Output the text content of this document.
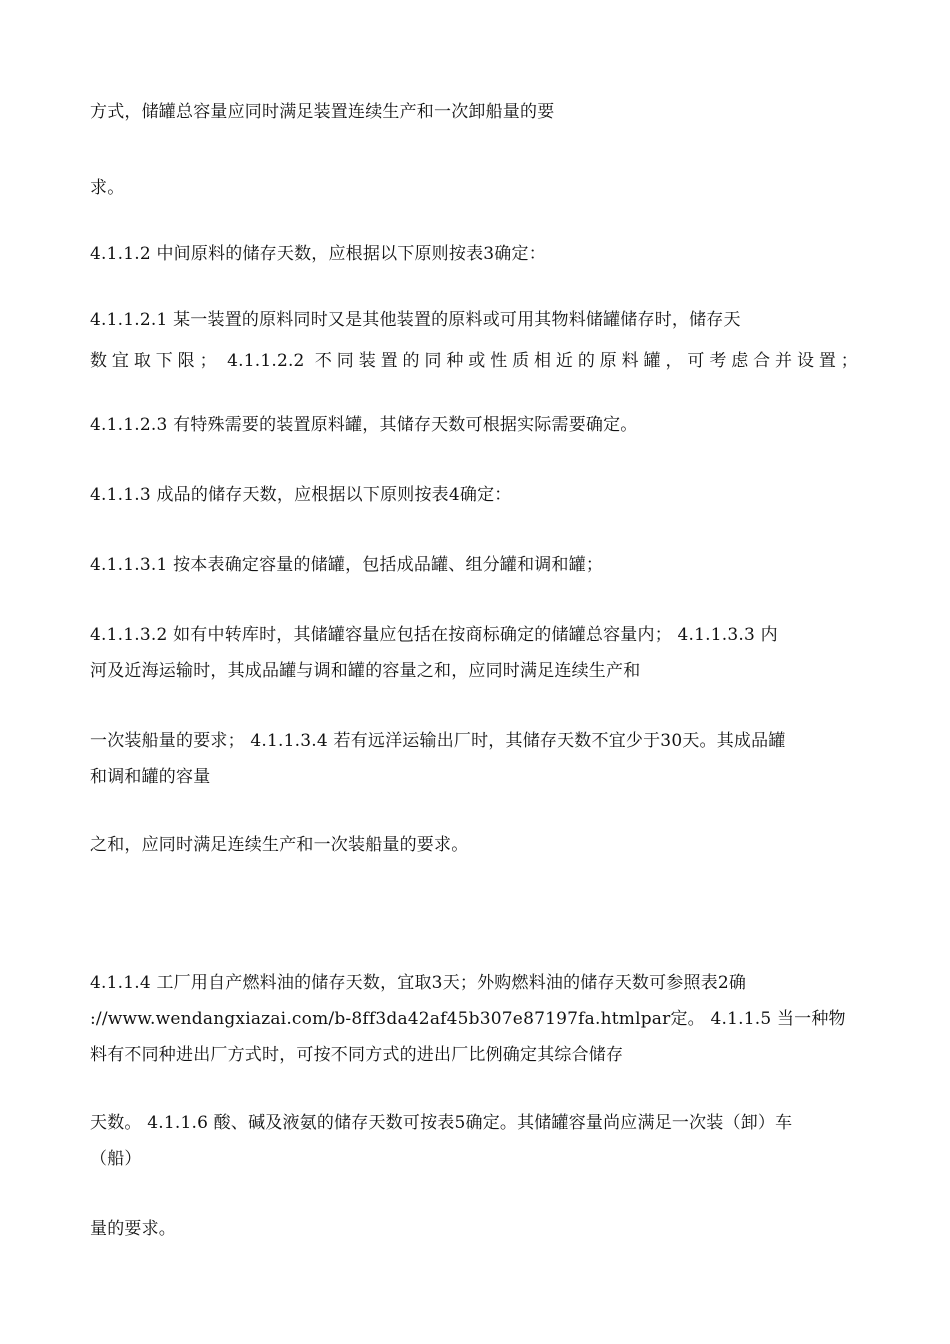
方式，储罐总容量应同时满足装置连续生产和一次卸船量的要

求。

4.1.1.2 中间原料的储存天数，应根据以下原则按表3确定：

4.1.1.2.1 某一装置的原料同时又是其他装置的原料或可用其物料储罐储存时，储存天

数宜取下限； 4.1.1.2.2 不同装置的同种或性质相近的原料罐，可考虑合并设置；

4.1.1.2.3 有特殊需要的装置原料罐，其储存天数可根据实际需要确定。

4.1.1.3 成品的储存天数，应根据以下原则按表4确定：

4.1.1.3.1 按本表确定容量的储罐，包括成品罐、组分罐和调和罐；

4.1.1.3.2 如有中转库时，其储罐容量应包括在按商标确定的储罐总容量内； 4.1.1.3.3 内

河及近海运输时，其成品罐与调和罐的容量之和，应同时满足连续生产和

一次装船量的要求； 4.1.1.3.4 若有远洋运输出厂时，其储存天数不宜少于30天。其成品罐

和调和罐的容量

之和，应同时满足连续生产和一次装船量的要求。

4.1.1.4 工厂用自产燃料油的储存天数，宜取3天；外购燃料油的储存天数可参照表2确

://www.wendangxiazai.com/b-8ff3da42af45b307e87197fa.htmlpar定。 4.1.1.5 当一种物

料有不同种进出厂方式时，可按不同方式的进出厂比例确定其综合储存

天数。 4.1.1.6 酸、碱及液氨的储存天数可按表5确定。其储罐容量尚应满足一次装（卸）车

（船）

量的要求。
